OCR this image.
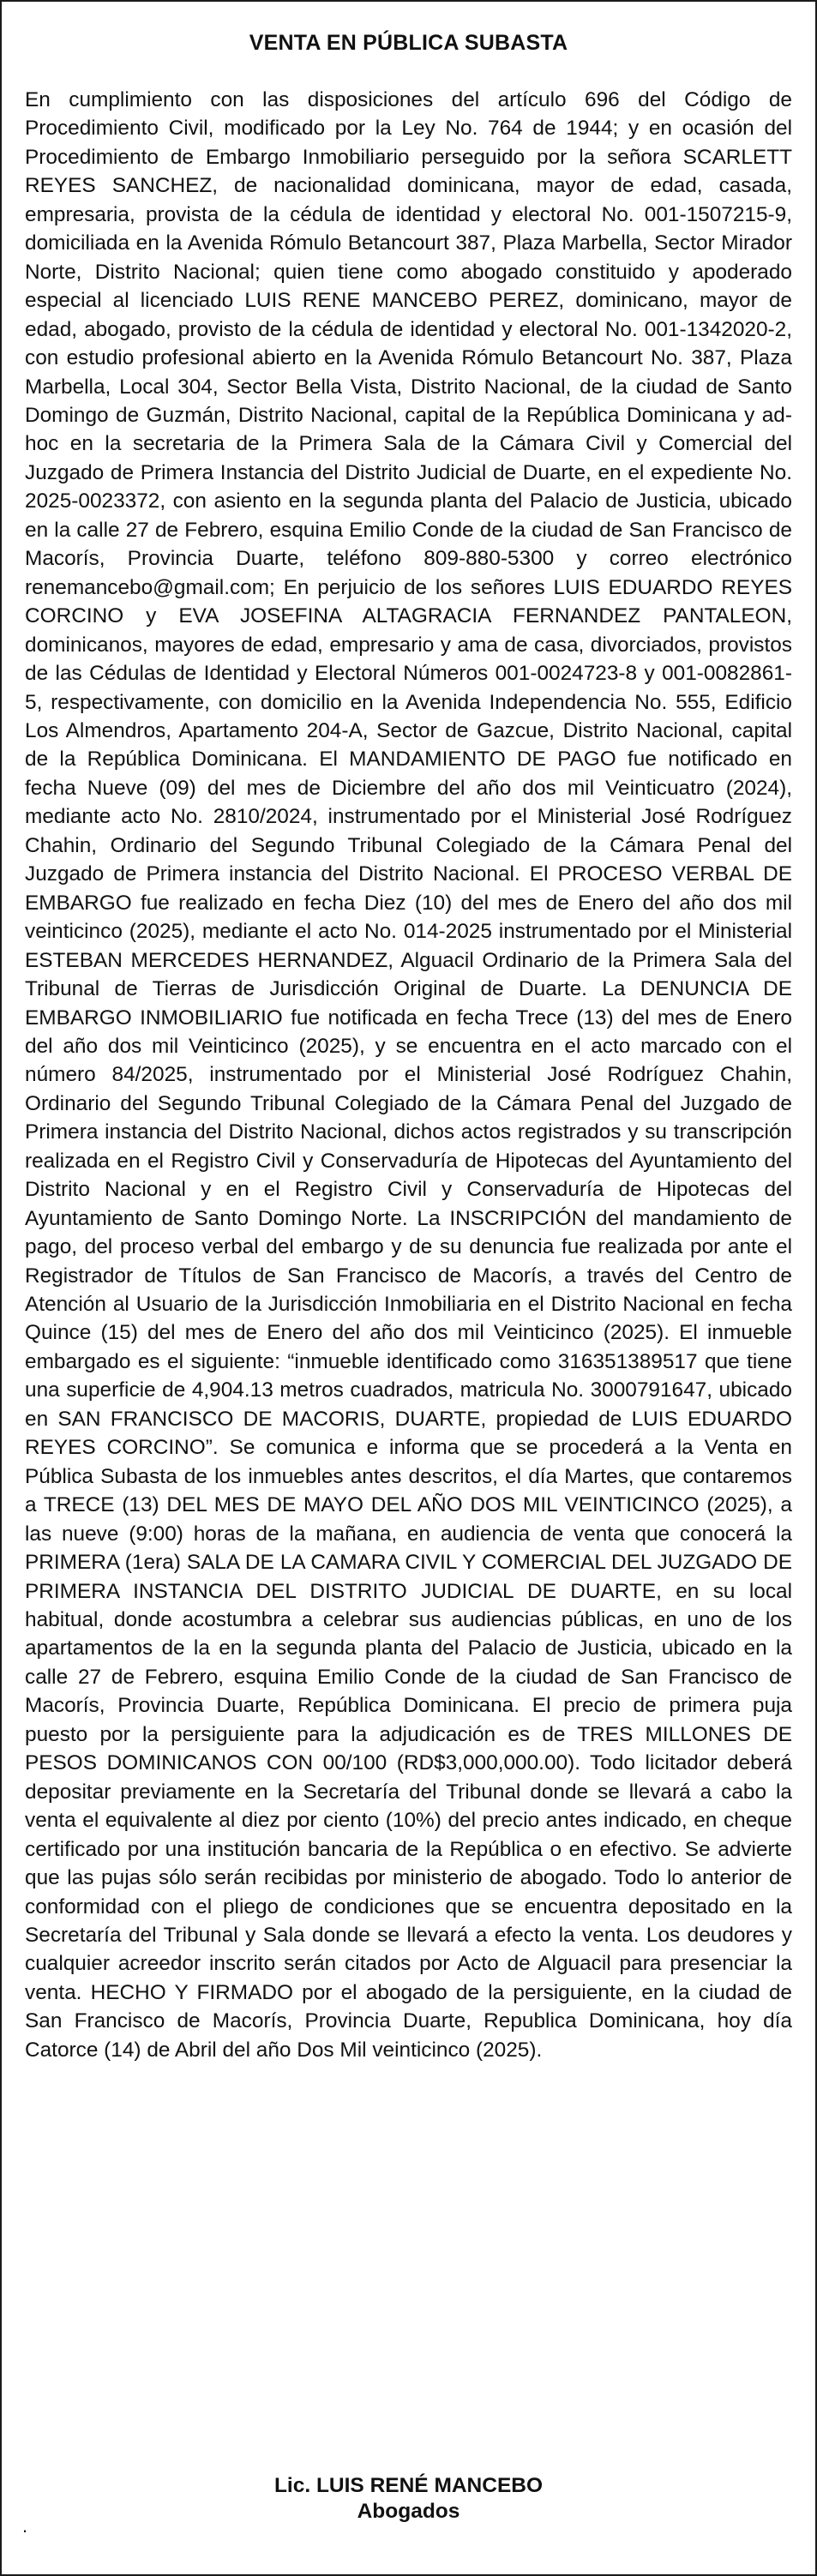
VENTA EN PÚBLICA SUBASTA

En cumplimiento con las disposiciones del artículo 696 del Código de Procedimiento Civil, modificado por la Ley No. 764 de 1944; y en ocasión del Procedimiento de Embargo Inmobiliario perseguido por la señora SCARLETT REYES SANCHEZ, de nacionalidad dominicana, mayor de edad, casada, empresaria, provista de la cédula de identidad y electoral No. 001-1507215-9, domiciliada en la Avenida Rómulo Betancourt 387, Plaza Marbella, Sector Mirador Norte, Distrito Nacional; quien tiene como abogado constituido y apoderado especial al licenciado LUIS RENE MANCEBO PEREZ, dominicano, mayor de edad, abogado, provisto de la cédula de identidad y electoral No. 001-1342020-2, con estudio profesional abierto en la Avenida Rómulo Betancourt No. 387, Plaza Marbella, Local 304, Sector Bella Vista, Distrito Nacional, de la ciudad de Santo Domingo de Guzmán, Distrito Nacional, capital de la República Dominicana y ad-hoc en la secretaria de la Primera Sala de la Cámara Civil y Comercial del Juzgado de Primera Instancia del Distrito Judicial de Duarte, en el expediente No. 2025-0023372, con asiento en la segunda planta del Palacio de Justicia, ubicado en la calle 27 de Febrero, esquina Emilio Conde de la ciudad de San Francisco de Macorís, Provincia Duarte, teléfono 809-880-5300 y correo electrónico renemancebo@gmail.com; En perjuicio de los señores LUIS EDUARDO REYES CORCINO y EVA JOSEFINA ALTAGRACIA FERNANDEZ PANTALEON, dominicanos, mayores de edad, empresario y ama de casa, divorciados, provistos de las Cédulas de Identidad y Electoral Números 001-0024723-8 y 001-0082861-5, respectivamente, con domicilio en la Avenida Independencia No. 555, Edificio Los Almendros, Apartamento 204-A, Sector de Gazcue, Distrito Nacional, capital de la República Dominicana. El MANDAMIENTO DE PAGO fue notificado en fecha Nueve (09) del mes de Diciembre del año dos mil Veinticuatro (2024), mediante acto No. 2810/2024, instrumentado por el Ministerial José Rodríguez Chahin, Ordinario del Segundo Tribunal Colegiado de la Cámara Penal del Juzgado de Primera instancia del Distrito Nacional. El PROCESO VERBAL DE EMBARGO fue realizado en fecha Diez (10) del mes de Enero del año dos mil veinticinco (2025), mediante el acto No. 014-2025 instrumentado por el Ministerial ESTEBAN MERCEDES HERNANDEZ, Alguacil Ordinario de la Primera Sala del Tribunal de Tierras de Jurisdicción Original de Duarte. La DENUNCIA DE EMBARGO INMOBILIARIO fue notificada en fecha Trece (13) del mes de Enero del año dos mil Veinticinco (2025), y se encuentra en el acto marcado con el número 84/2025, instrumentado por el Ministerial José Rodríguez Chahin, Ordinario del Segundo Tribunal Colegiado de la Cámara Penal del Juzgado de Primera instancia del Distrito Nacional, dichos actos registrados y su transcripción realizada en el Registro Civil y Conservaduría de Hipotecas del Ayuntamiento del Distrito Nacional y en el Registro Civil y Conservaduría de Hipotecas del Ayuntamiento de Santo Domingo Norte. La INSCRIPCIÓN del mandamiento de pago, del proceso verbal del embargo y de su denuncia fue realizada por ante el Registrador de Títulos de San Francisco de Macorís, a través del Centro de Atención al Usuario de la Jurisdicción Inmobiliaria en el Distrito Nacional en fecha Quince (15) del mes de Enero del año dos mil Veinticinco (2025). El inmueble embargado es el siguiente: “inmueble identificado como 316351389517 que tiene una superficie de 4,904.13 metros cuadrados, matricula No. 3000791647, ubicado en SAN FRANCISCO DE MACORIS, DUARTE, propiedad de LUIS EDUARDO REYES CORCINO”. Se comunica e informa que se procederá a la Venta en Pública Subasta de los inmuebles antes descritos, el día Martes, que contaremos a TRECE (13) DEL MES DE MAYO DEL AÑO DOS MIL VEINTICINCO (2025), a las nueve (9:00) horas de la mañana, en audiencia de venta que conocerá la PRIMERA (1era) SALA DE LA CAMARA CIVIL Y COMERCIAL DEL JUZGADO DE PRIMERA INSTANCIA DEL DISTRITO JUDICIAL DE DUARTE, en su local habitual, donde acostumbra a celebrar sus audiencias públicas, en uno de los apartamentos de la en la segunda planta del Palacio de Justicia, ubicado en la calle 27 de Febrero, esquina Emilio Conde de la ciudad de San Francisco de Macorís, Provincia Duarte, República Dominicana. El precio de primera puja puesto por la persiguiente para la adjudicación es de TRES MILLONES DE PESOS DOMINICANOS CON 00/100 (RD$3,000,000.00). Todo licitador deberá depositar previamente en la Secretaría del Tribunal donde se llevará a cabo la venta el equivalente al diez por ciento (10%) del precio antes indicado, en cheque certificado por una institución bancaria de la República o en efectivo. Se advierte que las pujas sólo serán recibidas por ministerio de abogado. Todo lo anterior de conformidad con el pliego de condiciones que se encuentra depositado en la Secretaría del Tribunal y Sala donde se llevará a efecto la venta. Los deudores y cualquier acreedor inscrito serán citados por Acto de Alguacil para presenciar la venta. HECHO Y FIRMADO por el abogado de la persiguiente, en la ciudad de San Francisco de Macorís, Provincia Duarte, Republica Dominicana, hoy día Catorce (14) de Abril del año Dos Mil veinticinco (2025).

Lic. LUIS RENÉ MANCEBO
Abogados
.
